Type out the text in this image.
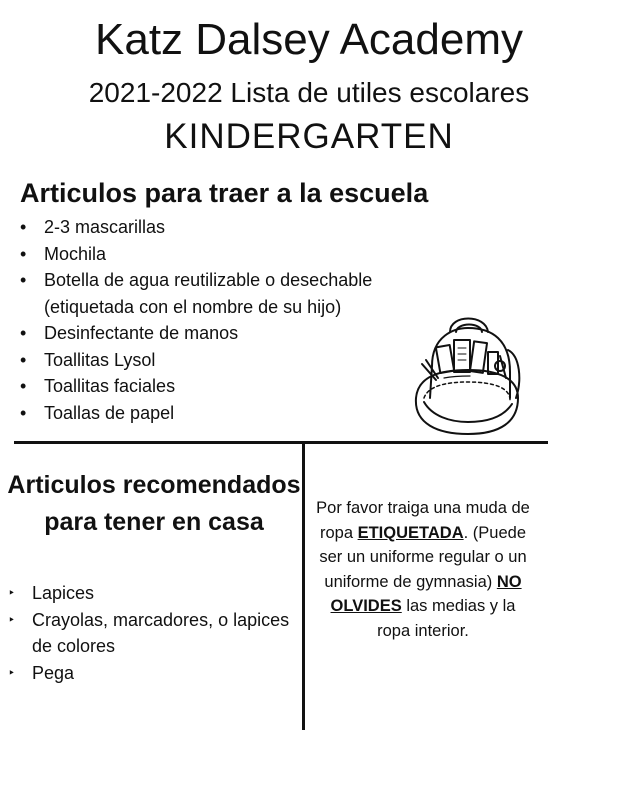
Katz Dalsey Academy
2021-2022 Lista de utiles escolares
KINDERGARTEN
Articulos para traer a la escuela
• 2-3 mascarillas
• Mochila
• Botella de agua reutilizable o desechable (etiquetada con el nombre de su hijo)
• Desinfectante de manos
• Toallitas Lysol
• Toallitas faciales
• Toallas de papel
Articulos recomendados para tener en casa
‣ Lapices
‣ Crayolas, marcadores, o lapices de colores
‣ Pega
Por favor traiga una muda de ropa ETIQUETADA. (Puede ser un uniforme regular o un uniforme de gymnasia) NO OLVIDES las medias y la ropa interior.
